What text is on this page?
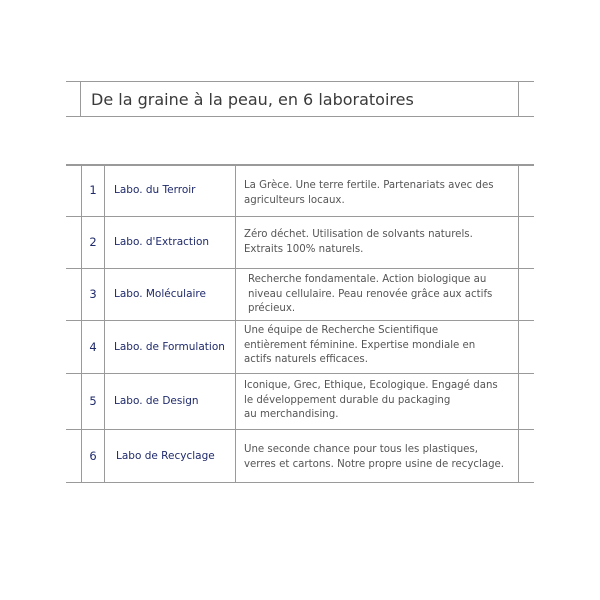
De la graine à la peau, en 6 laboratoires
1	Labo. du Terroir	La Grèce. Une terre fertile. Partenariats avec des
agriculteurs locaux.
2	Labo. d'Extraction
Zéro déchet. Utilisation de solvants naturels.
Extraits 100% naturels.
3	Labo. Moléculaire
Recherche fondamentale. Action biologique au
niveau cellulaire. Peau renovée grâce aux actifs
précieux.
4	Labo. de Formulation
Une équipe de Recherche Scientifique
entièrement féminine. Expertise mondiale en
actifs naturels efficaces.
5	Labo. de Design
Iconique, Grec, Ethique, Ecologique. Engagé dans
le développement durable du packaging
au merchandising.
6	Labo de Recyclage
Une seconde chance pour tous les plastiques,
verres et cartons. Notre propre usine de recyclage.
